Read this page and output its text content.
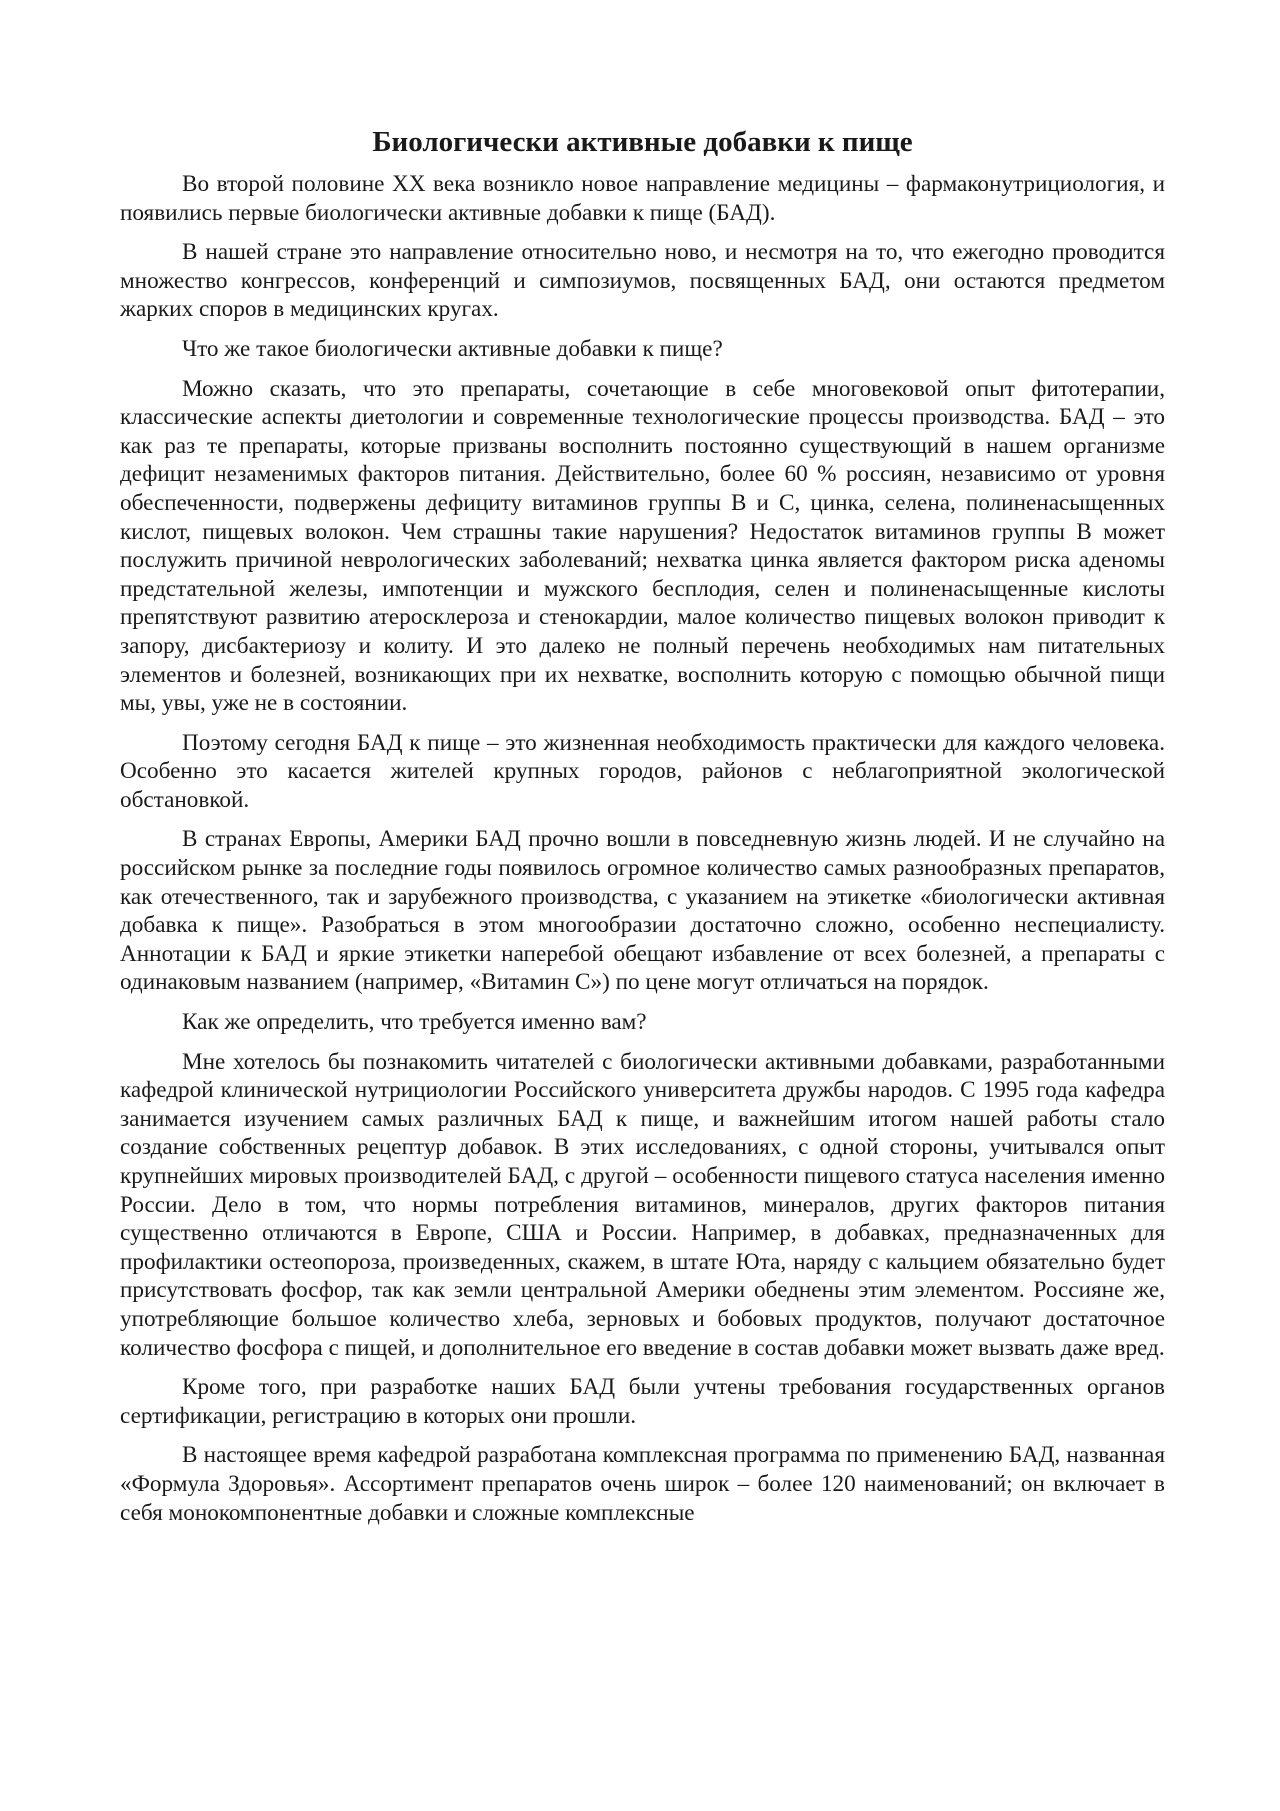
Биологически активные добавки к пище

Во второй половине XX века возникло новое направление медицины – фармаконутрициология, и появились первые биологически активные добавки к пище (БАД).

В нашей стране это направление относительно ново, и несмотря на то, что ежегодно проводится множество конгрессов, конференций и симпозиумов, посвященных БАД, они остаются предметом жарких споров в медицинских кругах.

Что же такое биологически активные добавки к пище?

Можно сказать, что это препараты, сочетающие в себе многовековой опыт фитотерапии, классические аспекты диетологии и современные технологические процессы производства. БАД – это как раз те препараты, которые призваны восполнить постоянно существующий в нашем организме дефицит незаменимых факторов питания. Действительно, более 60 % россиян, независимо от уровня обеспеченности, подвержены дефициту витаминов группы В и С, цинка, селена, полиненасыщенных кислот, пищевых волокон. Чем страшны такие нарушения? Недостаток витаминов группы В может послужить причиной неврологических заболеваний; нехватка цинка является фактором риска аденомы предстательной железы, импотенции и мужского бесплодия, селен и полиненасыщенные кислоты препятствуют развитию атеросклероза и стенокардии, малое количество пищевых волокон приводит к запору, дисбактериозу и колиту. И это далеко не полный перечень необходимых нам питательных элементов и болезней, возникающих при их нехватке, восполнить которую с помощью обычной пищи мы, увы, уже не в состоянии.

Поэтому сегодня БАД к пище – это жизненная необходимость практически для каждого человека. Особенно это касается жителей крупных городов, районов с неблагоприятной экологической обстановкой.

В странах Европы, Америки БАД прочно вошли в повседневную жизнь людей. И не случайно на российском рынке за последние годы появилось огромное количество самых разнообразных препаратов, как отечественного, так и зарубежного производства, с указанием на этикетке «биологически активная добавка к пище». Разобраться в этом многообразии достаточно сложно, особенно неспециалисту. Аннотации к БАД и яркие этикетки наперебой обещают избавление от всех болезней, а препараты с одинаковым названием (например, «Витамин С») по цене могут отличаться на порядок.

Как же определить, что требуется именно вам?

Мне хотелось бы познакомить читателей с биологически активными добавками, разработанными кафедрой клинической нутрициологии Российского университета дружбы народов. С 1995 года кафедра занимается изучением самых различных БАД к пище, и важнейшим итогом нашей работы стало создание собственных рецептур добавок. В этих исследованиях, с одной стороны, учитывался опыт крупнейших мировых производителей БАД, с другой – особенности пищевого статуса населения именно России. Дело в том, что нормы потребления витаминов, минералов, других факторов питания существенно отличаются в Европе, США и России. Например, в добавках, предназначенных для профилактики остеопороза, произведенных, скажем, в штате Юта, наряду с кальцием обязательно будет присутствовать фосфор, так как земли центральной Америки обеднены этим элементом. Россияне же, употребляющие большое количество хлеба, зерновых и бобовых продуктов, получают достаточное количество фосфора с пищей, и дополнительное его введение в состав добавки может вызвать даже вред.

Кроме того, при разработке наших БАД были учтены требования государственных органов сертификации, регистрацию в которых они прошли.

В настоящее время кафедрой разработана комплексная программа по применению БАД, названная «Формула Здоровья». Ассортимент препаратов очень широк – более 120 наименований; он включает в себя монокомпонентные добавки и сложные комплексные
